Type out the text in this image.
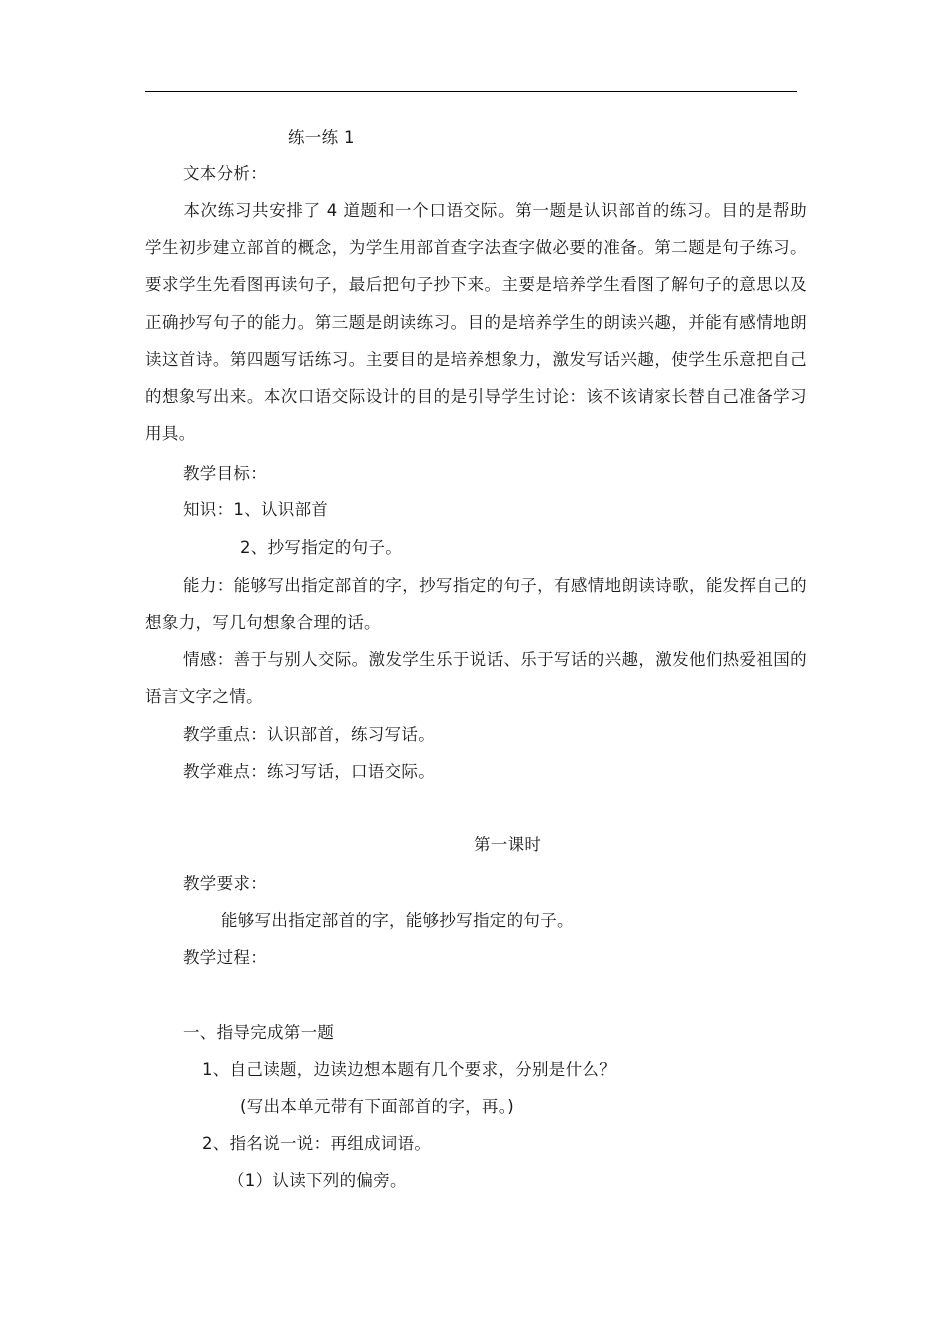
练一练 1
文本分析：
本次练习共安排了 4 道题和一个口语交际。第一题是认识部首的练习。目的是帮助学生初步建立部首的概念，为学生用部首查字法查字做必要的准备。第二题是句子练习。要求学生先看图再读句子，最后把句子抄下来。主要是培养学生看图了解句子的意思以及正确抄写句子的能力。第三题是朗读练习。目的是培养学生的朗读兴趣，并能有感情地朗读这首诗。第四题写话练习。主要目的是培养想象力，激发写话兴趣，使学生乐意把自己的想象写出来。本次口语交际设计的目的是引导学生讨论：该不该请家长替自己准备学习用具。
教学目标：
知识：1、认识部首
2、抄写指定的句子。
能力：能够写出指定部首的字，抄写指定的句子，有感情地朗读诗歌，能发挥自己的想象力，写几句想象合理的话。
情感：善于与别人交际。激发学生乐于说话、乐于写话的兴趣，激发他们热爱祖国的语言文字之情。
教学重点：认识部首，练习写话。
教学难点：练习写话，口语交际。
第一课时
教学要求：
能够写出指定部首的字，能够抄写指定的句子。
教学过程：
一、指导完成第一题
1、自己读题，边读边想本题有几个要求，分别是什么？
(写出本单元带有下面部首的字，再。)
2、指名说一说：再组成词语。
（1）认读下列的偏旁。
